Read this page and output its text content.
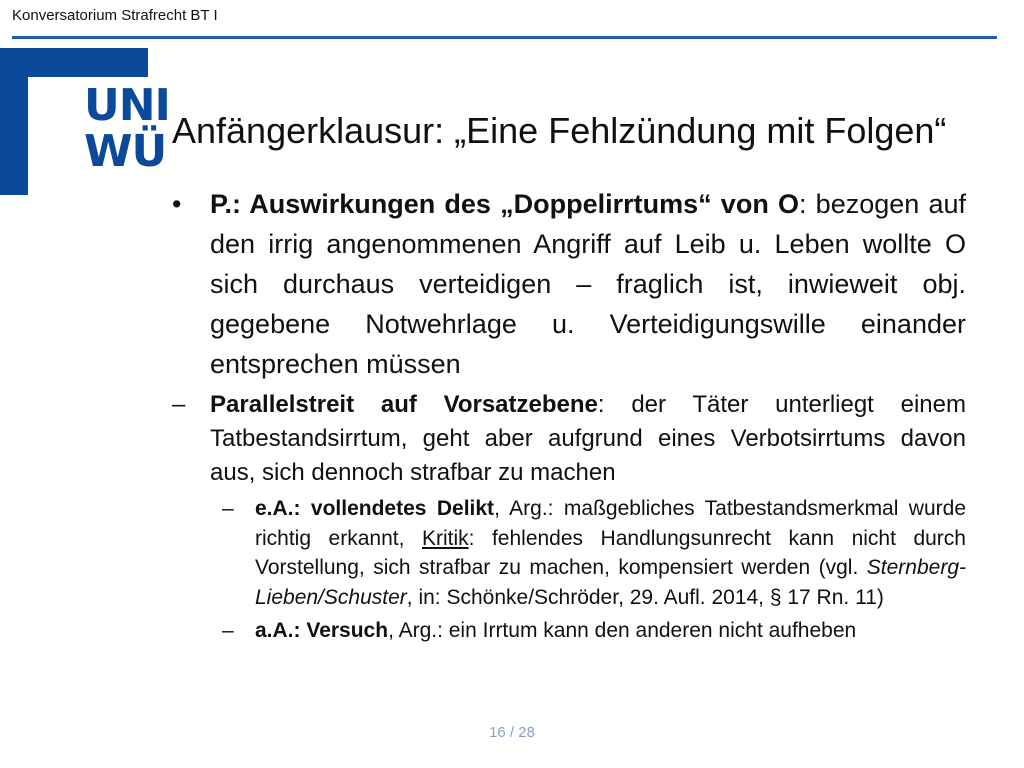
Konversatorium Strafrecht BT I
UNI
WÜ Anfängerklausur: „Eine Fehlzündung mit Folgen“
• P.: Auswirkungen des „Doppelirrtums“ von O: bezogen auf den irrig angenommenen Angriff auf Leib u. Leben wollte O sich durchaus verteidigen – fraglich ist, inwieweit obj. gegebene Notwehrlage u. Verteidigungswille einander entsprechen müssen
– Parallelstreit auf Vorsatzebene: der Täter unterliegt einem Tatbestandsirrtum, geht aber aufgrund eines Verbotsirrtums davon aus, sich dennoch strafbar zu machen
– e.A.: vollendetes Delikt, Arg.: maßgebliches Tatbestandsmerkmal wurde richtig erkannt, Kritik: fehlendes Handlungsunrecht kann nicht durch Vorstellung, sich strafbar zu machen, kompensiert werden (vgl. Sternberg-Lieben/Schuster, in: Schönke/Schröder, 29. Aufl. 2014, § 17 Rn. 11)
– a.A.: Versuch, Arg.: ein Irrtum kann den anderen nicht aufheben
16 / 28
